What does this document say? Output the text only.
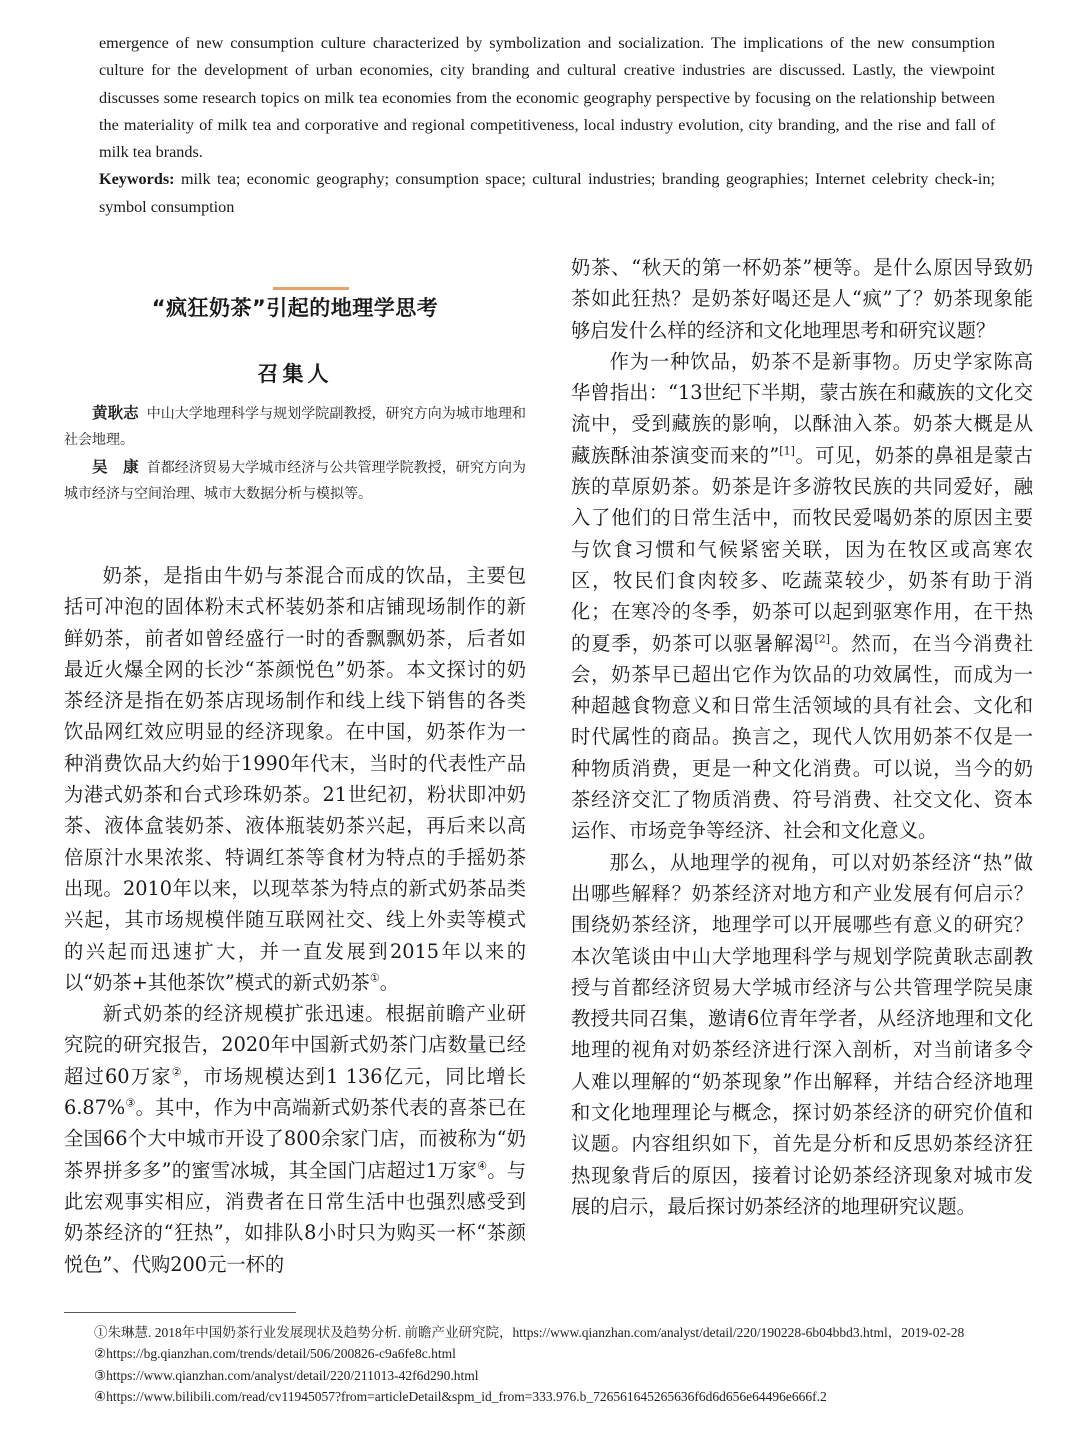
emergence of new consumption culture characterized by symbolization and socialization. The implications of the new consumption culture for the development of urban economies, city branding and cultural creative industries are discussed. Lastly, the viewpoint discusses some research topics on milk tea economies from the economic geography perspective by focusing on the relationship between the materiality of milk tea and corporative and regional competitiveness, local industry evolution, city branding, and the rise and fall of milk tea brands.

Keywords: milk tea; economic geography; consumption space; cultural industries; branding geographies; Internet celebrity check-in; symbol consumption

“疯狂奶茶”引起的地理学思考
召集人
  黄耿志 中山大学地理科学与规划学院副教授，研究方向为城市地理和社会地理。
  吴　康 首都经济贸易大学城市经济与公共管理学院教授，研究方向为城市经济与空间治理、城市大数据分析与模拟等。

奶茶，是指由牛奶与茶混合而成的饮品，主要包括可冲泡的固体粉末式杯装奶茶和店铺现场制作的新鲜奶茶，前者如曾经盛行一时的香飘飘奶茶，后者如最近火爆全网的长沙“茶颜悦色”奶茶。本文探讨的奶茶经济是指在奶茶店现场制作和线上线下销售的各类饮品网红效应明显的经济现象。在中国，奶茶作为一种消费饮品大约始于1990年代末，当时的代表性产品为港式奶茶和台式珍珠奶茶。21世纪初，粉状即冲奶茶、液体盒装奶茶、液体瓶装奶茶兴起，再后来以高倍原汁水果浓浆、特调红茶等食材为特点的手摇奶茶出现。2010年以来，以现萃茶为特点的新式奶茶品类兴起，其市场规模伴随互联网社交、线上外卖等模式的兴起而迅速扩大，并一直发展到2015年以来的以“奶茶+其他茶饮”模式的新式奶茶①。

新式奶茶的经济规模扩张迅速。根据前瞻产业研究院的研究报告，2020年中国新式奶茶门店数量已经超过60万家②，市场规模达到1 136亿元，同比增长6.87%③。其中，作为中高端新式奶茶代表的喜茶已在全国66个大中城市开设了800余家门店，而被称为“奶茶界拼多多”的蜜雪冰城，其全国门店超过1万家④。与此宏观事实相应，消费者在日常生活中也强烈感受到奶茶经济的“狂热”，如排队8小时只为购买一杯“茶颜悦色”、代购200元一杯的

奶茶、“秋天的第一杯奶茶”梗等。是什么原因导致奶茶如此狂热？是奶茶好喝还是人“疯”了？奶茶现象能够启发什么样的经济和文化地理思考和研究议题？

作为一种饮品，奶茶不是新事物。历史学家陈高华曾指出：“13世纪下半期，蒙古族在和藏族的文化交流中，受到藏族的影响，以酥油入茶。奶茶大概是从藏族酥油茶演变而来的”[1]。可见，奶茶的鼻祖是蒙古族的草原奶茶。奶茶是许多游牧民族的共同爱好，融入了他们的日常生活中，而牧民爱喝奶茶的原因主要与饮食习惯和气候紧密关联，因为在牧区或高寒农区，牧民们食肉较多、吃蔬菜较少，奶茶有助于消化；在寒冷的冬季，奶茶可以起到驱寒作用，在干热的夏季，奶茶可以驱暑解渴[2]。然而，在当今消费社会，奶茶早已超出它作为饮品的功效属性，而成为一种超越食物意义和日常生活领域的具有社会、文化和时代属性的商品。换言之，现代人饮用奶茶不仅是一种物质消费，更是一种文化消费。可以说，当今的奶茶经济交汇了物质消费、符号消费、社交文化、资本运作、市场竞争等经济、社会和文化意义。

那么，从地理学的视角，可以对奶茶经济“热”做出哪些解释？奶茶经济对地方和产业发展有何启示？围绕奶茶经济，地理学可以开展哪些有意义的研究？本次笔谈由中山大学地理科学与规划学院黄耿志副教授与首都经济贸易大学城市经济与公共管理学院吴康教授共同召集，邀请6位青年学者，从经济地理和文化地理的视角对奶茶经济进行深入剖析，对当前诸多令人难以理解的“奶茶现象”作出解释，并结合经济地理和文化地理理论与概念，探讨奶茶经济的研究价值和议题。内容组织如下，首先是分析和反思奶茶经济狂热现象背后的原因，接着讨论奶茶经济现象对城市发展的启示，最后探讨奶茶经济的地理研究议题。

①朱琳慧. 2018年中国奶茶行业发展现状及趋势分析. 前瞻产业研究院，https://www.qianzhan.com/analyst/detail/220/190228-6b04bbd3.html，2019-02-28

②https://bg.qianzhan.com/trends/detail/506/200826-c9a6fe8c.html

③https://www.qianzhan.com/analyst/detail/220/211013-42f6d290.html

④https://www.bilibili.com/read/cv11945057?from=articleDetail&spm_id_from=333.976.b_726561645265636f6d6d656e64496e666f.2
